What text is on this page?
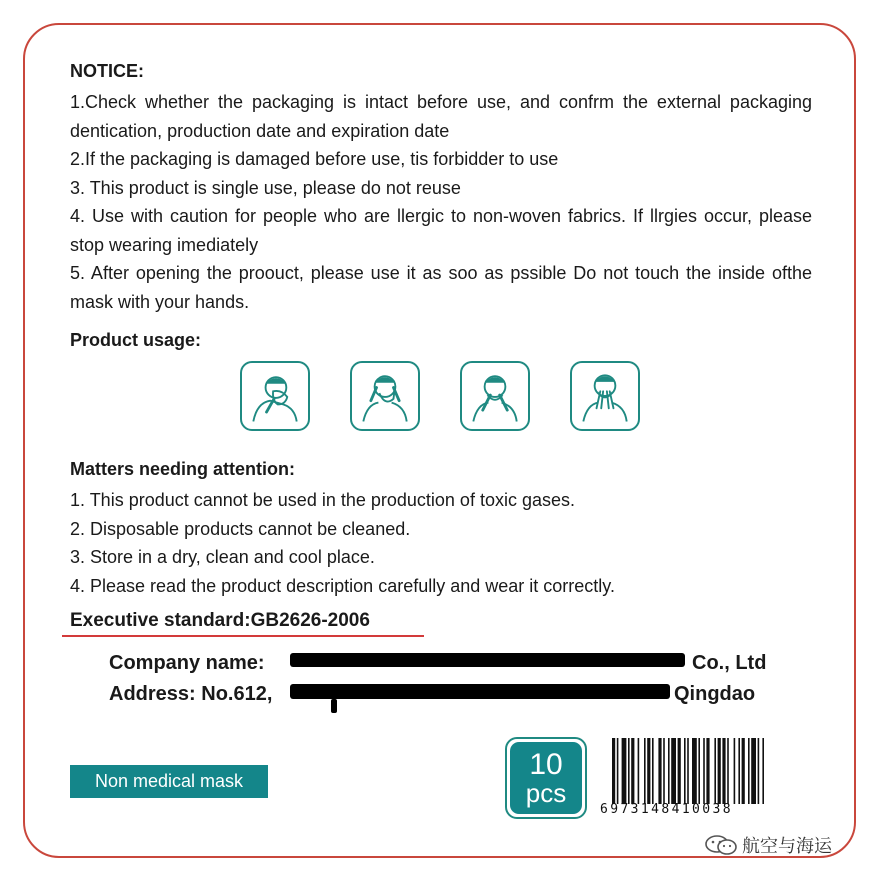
NOTICE:
1.Check whether the packaging is intact before use, and confrm the external packaging dentication, production date and expiration date
2.If the packaging is damaged before use, tis forbidder to use
3. This product is single use, please do not reuse
4. Use with caution for people who are llergic to non-woven fabrics. If llrgies occur, please stop wearing imediately
5. After opening the proouct, please use it as soo as pssible Do not touch the inside ofthe mask with your hands.
Product usage:
Matters needing attention:
1. This product cannot be used in the production of toxic gases.
2. Disposable products cannot be cleaned.
3. Store in a dry, clean and cool place.
4. Please read the product description carefully and wear it correctly.
Executive standard:GB2626-2006
Company name:
Address: No.612,
Co., Ltd
Qingdao
Non medical mask	10
pcs
6973148410038
航空与海运
